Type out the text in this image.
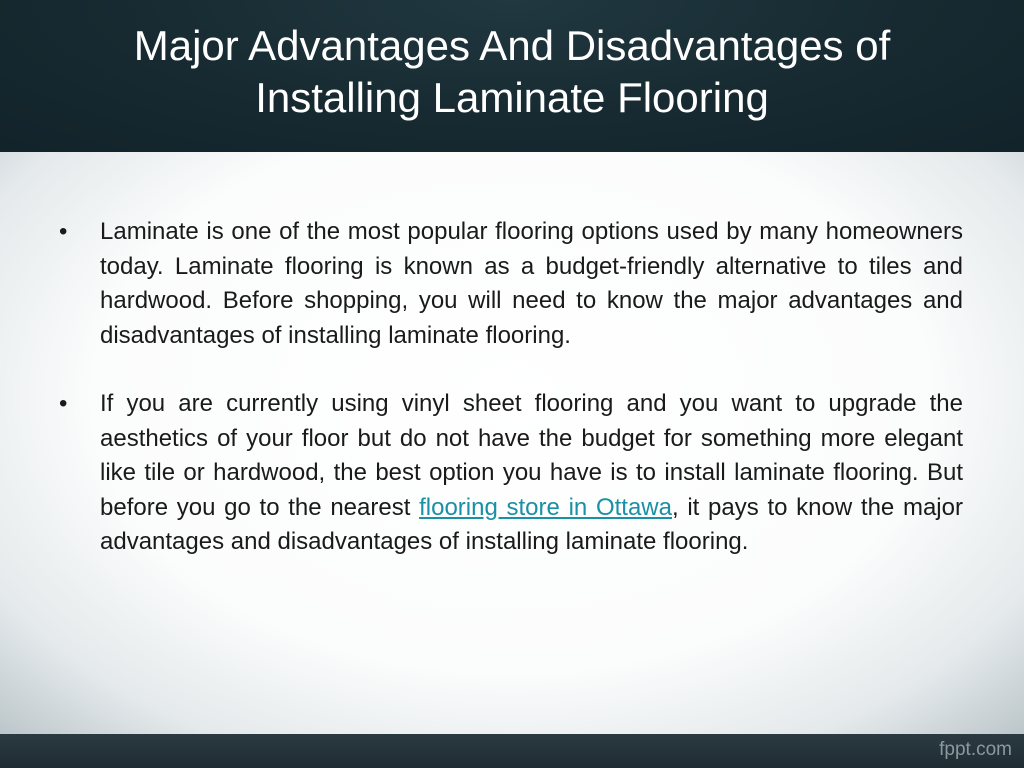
Major Advantages And Disadvantages of
Installing Laminate Flooring
• Laminate is one of the most popular flooring options used by many homeowners today. Laminate flooring is known as a budget-friendly alternative to tiles and hardwood. Before shopping, you will need to know the major advantages and disadvantages of installing laminate flooring.
• If you are currently using vinyl sheet flooring and you want to upgrade the aesthetics of your floor but do not have the budget for something more elegant like tile or hardwood, the best option you have is to install laminate flooring. But before you go to the nearest flooring store in Ottawa, it pays to know the major advantages and disadvantages of installing laminate flooring.
fppt.com
